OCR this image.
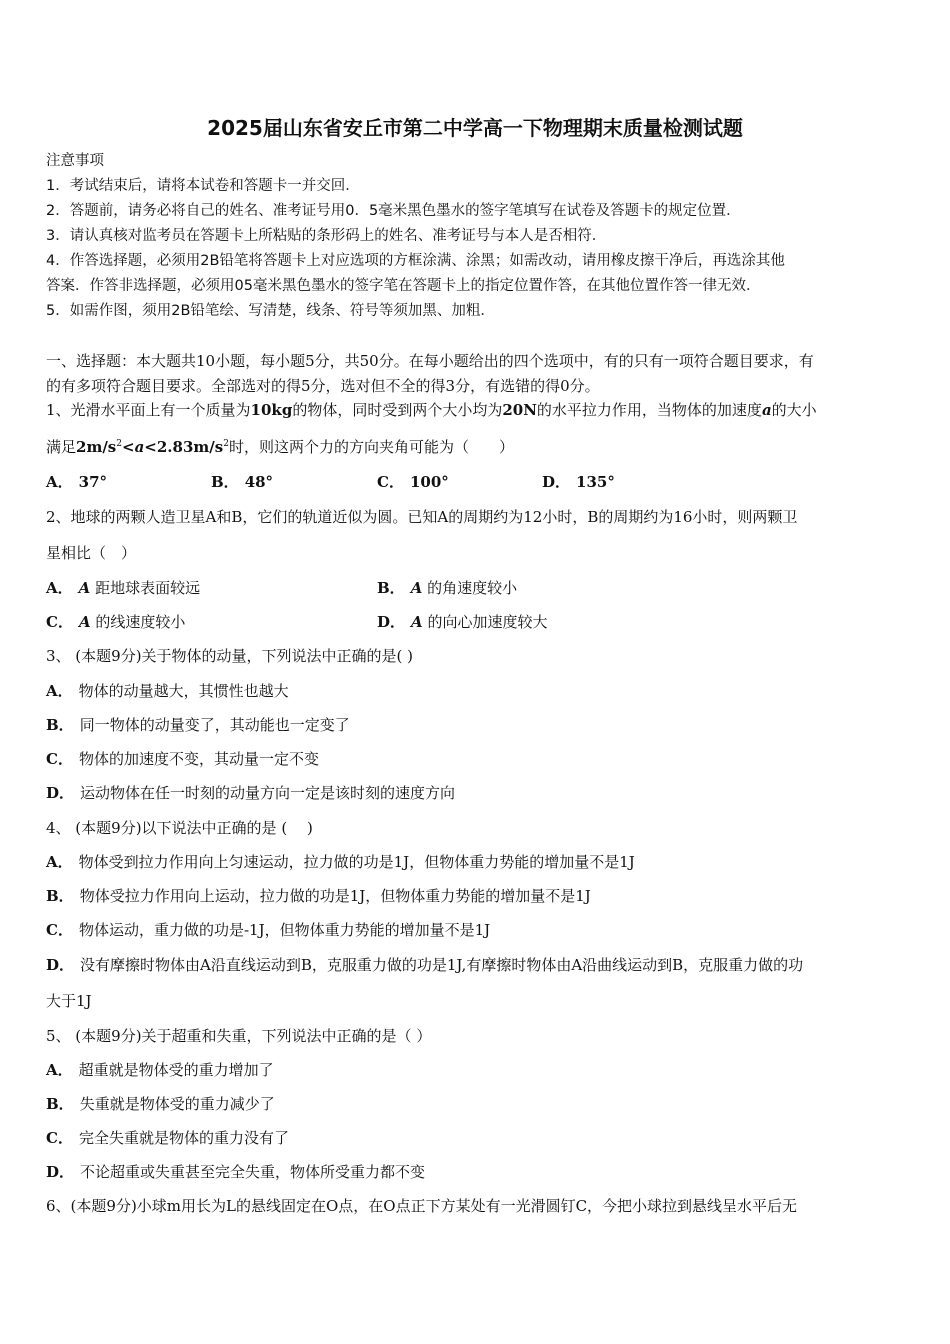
2025届山东省安丘市第二中学高一下物理期末质量检测试题
注意事项
1．考试结束后，请将本试卷和答题卡一并交回．
2．答题前，请务必将自己的姓名、准考证号用0．5毫米黑色墨水的签字笔填写在试卷及答题卡的规定位置．
3．请认真核对监考员在答题卡上所粘贴的条形码上的姓名、准考证号与本人是否相符．
4．作答选择题，必须用2B铅笔将答题卡上对应选项的方框涂满、涂黑；如需改动，请用橡皮擦干净后，再选涂其他
答案．作答非选择题，必须用05毫米黑色墨水的签字笔在答题卡上的指定位置作答，在其他位置作答一律无效．
5．如需作图，须用2B铅笔绘、写清楚，线条、符号等须加黑、加粗．
一、选择题：本大题共10小题，每小题5分，共50分。在每小题给出的四个选项中，有的只有一项符合题目要求，有
的有多项符合题目要求。全部选对的得5分，选对但不全的得3分，有选错的得0分。
1、光滑水平面上有一个质量为10kg的物体，同时受到两个大小均为20N的水平拉力作用，当物体的加速度a的大小
满足$2m/s^2<a<2.83m/s^2$时，则这两个力的方向夹角可能为（　　）
A． 37°	B． 48°	C． 100°	D． 135°
2、地球的两颗人造卫星A和B，它们的轨道近似为圆。已知A的周期约为12小时，B的周期约为16小时，则两颗卫
星相比（　）
A． A 距地球表面较远	B． A 的角速度较小
C． A 的线速度较小	D． A 的向心加速度较大
3、 (本题9分)关于物体的动量，下列说法中正确的是( )
A． 物体的动量越大，其惯性也越大
B． 同一物体的动量变了，其动能也一定变了
C． 物体的加速度不变，其动量一定不变
D． 运动物体在任一时刻的动量方向一定是该时刻的速度方向
4、 (本题9分)以下说法中正确的是 (　 )
A． 物体受到拉力作用向上匀速运动，拉力做的功是1J，但物体重力势能的增加量不是1J
B． 物体受拉力作用向上运动，拉力做的功是1J，但物体重力势能的增加量不是1J
C． 物体运动，重力做的功是-1J，但物体重力势能的增加量不是1J
D． 没有摩擦时物体由A沿直线运动到B，克服重力做的功是1J,有摩擦时物体由A沿曲线运动到B，克服重力做的功
大于1J
5、 (本题9分)关于超重和失重，下列说法中正确的是（ ）
A． 超重就是物体受的重力增加了
B． 失重就是物体受的重力减少了
C． 完全失重就是物体的重力没有了
D． 不论超重或失重甚至完全失重，物体所受重力都不变
6、(本题9分)小球m用长为L的悬线固定在O点，在O点正下方某处有一光滑圆钉C，今把小球拉到悬线呈水平后无
